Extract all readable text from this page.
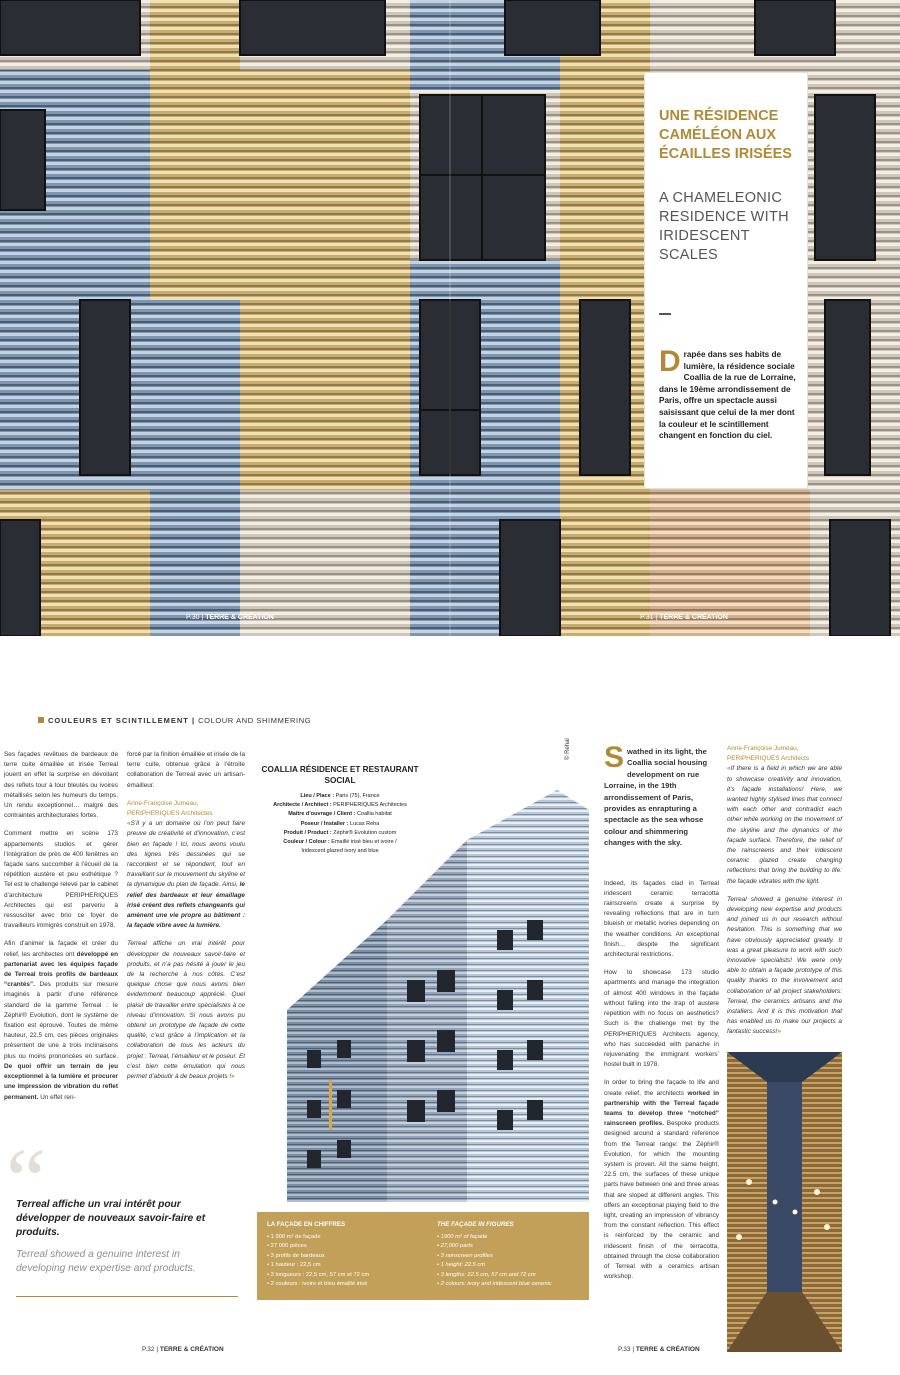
UNE RÉSIDENCE CAMÉLÉON AUX ÉCAILLES IRISÉES
A CHAMELEONIC RESIDENCE WITH IRIDESCENT SCALES
Drapée dans ses habits de lumière, la résidence sociale Coallia de la rue de Lorraine, dans le 19ème arrondissement de Paris, offre un spectacle aussi saisissant que celui de la mer dont la couleur et le scintillement changent en fonction du ciel.
P.30 | TERRE & CRÉATION	P.31 | TERRE & CRÉATION
COULEURS ET SCINTILLEMENT | COLOUR AND SHIMMERING

Ses façades revêtues de bardeaux de terre cuite émaillée et irisée Terreal jouent en effet la surprise en dévoilant des reflets tour à tour bleutés ou ivoires métallisés selon les humeurs du temps. Un rendu exceptionnel… malgré des contraintes architecturales fortes.

Comment mettre en scène 173 appartements studios et gérer l’intégration de près de 400 fenêtres en façade sans succomber à l’écueil de la répétition austère et peu esthétique ? Tel est le challenge relevé par le cabinet d’architecture PERIPHERIQUES Architectes qui est parvenu à ressusciter avec brio ce foyer de travailleurs immigrés construit en 1978.

Afin d’animer la façade et créer du relief, les architectes ont développé en partenariat avec les équipes façade de Terreal trois profils de bardeaux “crantés”. Des produits sur mesure imaginés à partir d’une référence standard de la gamme Terreal : le Zéphir® Evolution, dont le système de fixation est éprouvé. Toutes de même hauteur, 22,5 cm, ces pièces originales présentent de une à trois inclinaisons plus ou moins prononcées en surface. De quoi offrir un terrain de jeu exceptionnel à la lumière et procurer une impression de vibration du reflet permanent. Un effet ren-

forcé par la finition émaillée et irisée de la terre cuite, obtenue grâce à l’étroite collaboration de Terreal avec un artisan-émailleur.

Anne-Françoise Jumeau,
PERIPHERIQUES Architectes

«S’il y a un domaine où l’on peut faire preuve de créativité et d’innovation, c’est bien en façade ! Ici, nous avons voulu des lignes très dessinées qui se raccordent et se répondent, tout en travaillant sur le mouvement du skyline et la dynamique du plan de façade. Ainsi, le relief des bardeaux et leur émaillage irisé créent des reflets changeants qui amènent une vie propre au bâtiment : la façade vibre avec la lumière.

Terreal affiche un vrai intérêt pour développer de nouveaux savoir-faire et produits, et n’a pas hésité à jouer le jeu de la recherche à nos côtés. C’est quelque chose que nous avons bien évidemment beaucoup apprécié. Quel plaisir de travailler entre spécialistes à ce niveau d’innovation. Si nous avons pu obtenir un prototype de façade de cette qualité, c’est grâce à l’implication et la collaboration de tous les acteurs du projet : Terreal, l’émailleur et le poseur. Et c’est bien cette émulation qui nous permet d’aboutir à de beaux projets !»

“
Terreal affiche un vrai intérêt pour développer de nouveaux savoir-faire et produits.
Terreal showed a genuine interest in developing new expertise and products.
© Rehal
COALLIA RÉSIDENCE ET RESTAURANT SOCIAL
Lieu / Place : Paris (75), France
Architecte / Architect : PERIPHERIQUES Architectes
Maître d’ouvrage / Client : Coallia habitat
Poseur / Installer : Lucas Reha
Produit / Product : Zéphir® Evolution custom
Couleur / Colour : Emaillé irisé bleu et ivoire /
Iridescent glazed ivory and blue
LA FAÇADE EN CHIFFRES
• 1 900 m² de façade
• 27 000 pièces
• 3 profils de bardeaux
• 1 hauteur : 22,5 cm
• 3 longueurs : 22,5 cm, 57 cm et 72 cm
• 2 couleurs : ivoire et bleu émaillé irisé
THE FAÇADE IN FIGURES
• 1900 m² of façade
• 27,000 parts
• 3 rainscreen profiles
• 1 height: 22.5 cm
• 3 lengths: 22.5 cm, 57 cm and 72 cm
• 2 colours: ivory and iridescent blue ceramic

Swathed in its light, the Coallia social housing development on rue Lorraine, in the 19th arrondissement of Paris, provides as enrapturing a spectacle as the sea whose colour and shimmering changes with the sky.

Indeed, its façades clad in Terreal iridescent ceramic terracotta rainscreens create a surprise by revealing reflections that are in turn blueish or metallic ivories depending on the weather conditions. An exceptional finish… despite the significant architectural restrictions.

How to showcase 173 studio apartments and manage the integration of almost 400 windows in the façade without falling into the trap of austere repetition with no focus on aesthetics? Such is the challenge met by the PERIPHERIQUES Architects agency, who has succeeded with panache in rejuvenating the immigrant workers’ hostel built in 1978.

In order to bring the façade to life and create relief, the architects worked in partnership with the Terreal façade teams to develop three “notched” rainscreen profiles. Bespoke products designed around a standard reference from the Terreal range: the Zéphir® Evolution, for which the mounting system is proven. All the same height, 22.5 cm, the surfaces of these unique parts have between one and three areas that are sloped at different angles. This offers an exceptional playing field to the light, creating an impression of vibrancy from the constant reflection. This effect is reinforced by the ceramic and iridescent finish of the terracotta, obtained through the close collaboration of Terreal with a ceramics artisan workshop.

Anne-Françoise Jumeau, PERIPHERIQUES Architects

«If there is a field in which we are able to showcase creativity and innovation, it’s façade installations! Here, we wanted highly stylised lines that connect with each other and contradict each other while working on the movement of the skyline and the dynamics of the façade surface. Therefore, the relief of the rainscreens and their iridescent ceramic glazed create changing reflections that bring the building to life: the façade vibrates with the light.

Terreal showed a genuine interest in developing new expertise and products and joined us in our research without hesitation. This is something that we have obviously appreciated greatly. It was a great pleasure to work with such innovative specialists! We were only able to obtain a façade prototype of this quality thanks to the involvement and collaboration of all project stakeholders: Terreal, the ceramics artisans and the installers. And it is this motivation that has enabled us to make our projects a fantastic success!»

P.32 | TERRE & CRÉATION	P.33 | TERRE & CRÉATION
